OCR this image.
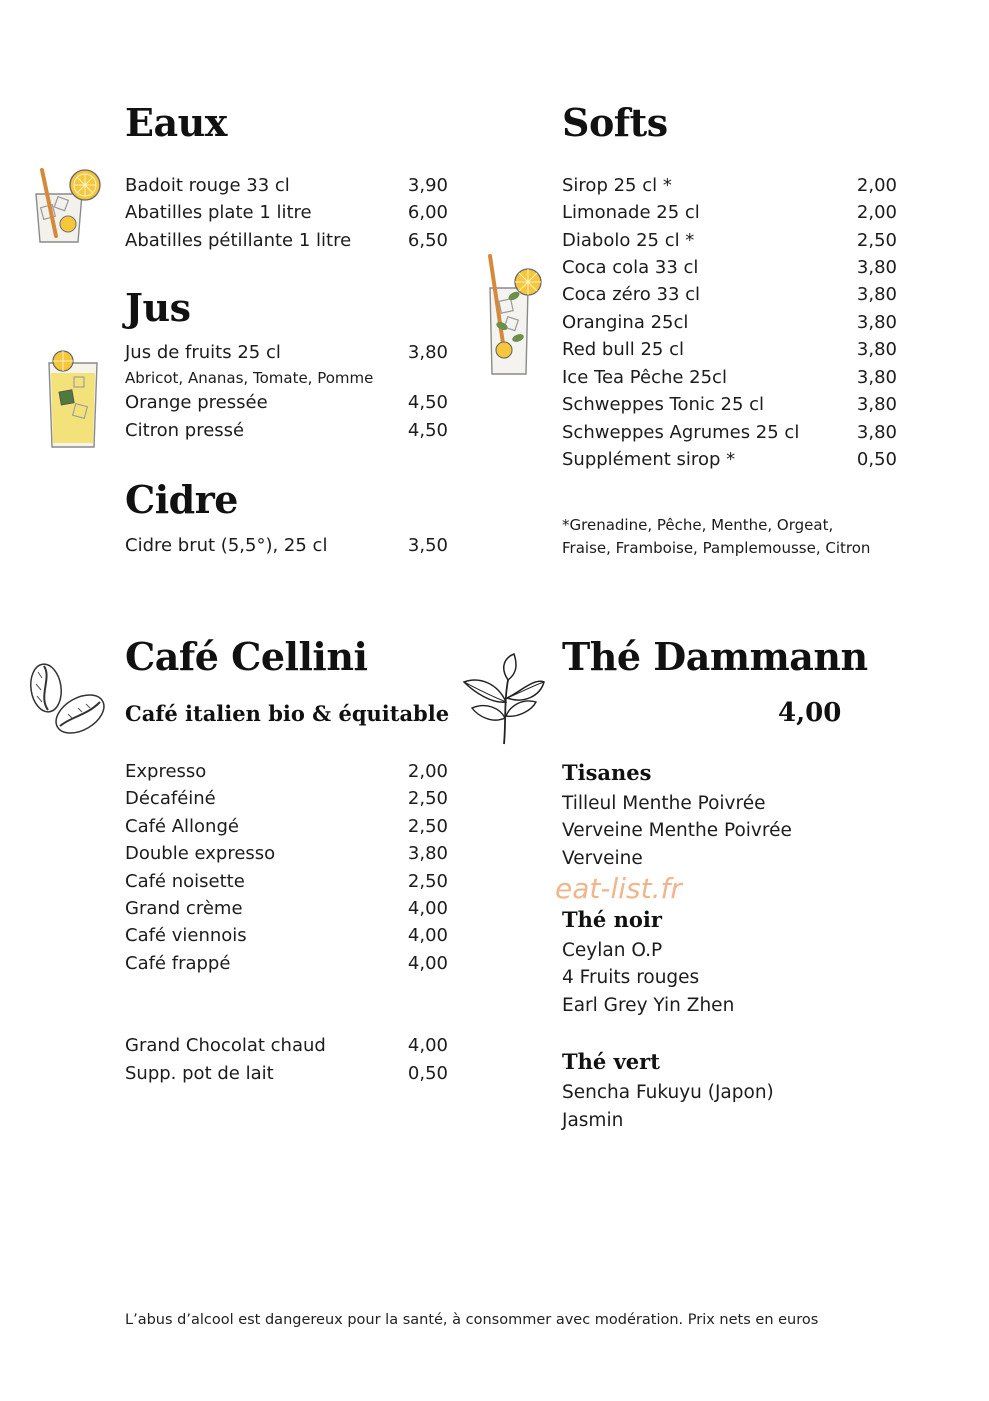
Eaux
Badoit rouge 33 cl	3,90
Abatilles plate 1 litre	6,00
Abatilles pétillante 1 litre	6,50
Jus
Jus de fruits 25 cl	3,80
Abricot, Ananas, Tomate, Pomme
Orange pressée	4,50
Citron pressé	4,50
Cidre
Cidre brut (5,5°), 25 cl	3,50
Softs
Sirop 25 cl *	2,00
Limonade 25 cl	2,00
Diabolo 25 cl *	2,50
Coca cola 33 cl	3,80
Coca zéro 33 cl	3,80
Orangina 25cl	3,80
Red bull 25 cl	3,80
Ice Tea Pêche 25cl	3,80
Schweppes Tonic 25 cl	3,80
Schweppes Agrumes 25 cl	3,80
Supplément sirop *	0,50
*Grenadine, Pêche, Menthe, Orgeat,
Fraise, Framboise, Pamplemousse, Citron
Café Cellini
Café italien bio & équitable
Expresso	2,00
Décaféiné	2,50
Café Allongé	2,50
Double expresso	3,80
Café noisette	2,50
Grand crème	4,00
Café viennois	4,00
Café frappé	4,00
Grand Chocolat chaud	4,00
Supp. pot de lait	0,50
Thé Dammann
4,00
Tisanes
Tilleul Menthe Poivrée
Verveine Menthe Poivrée
Verveine
eat-list.fr
Thé noir
Ceylan O.P
4 Fruits rouges
Earl Grey Yin Zhen
Thé vert
Sencha Fukuyu (Japon)
Jasmin
L’abus d’alcool est dangereux pour la santé, à consommer avec modération. Prix nets en euros
